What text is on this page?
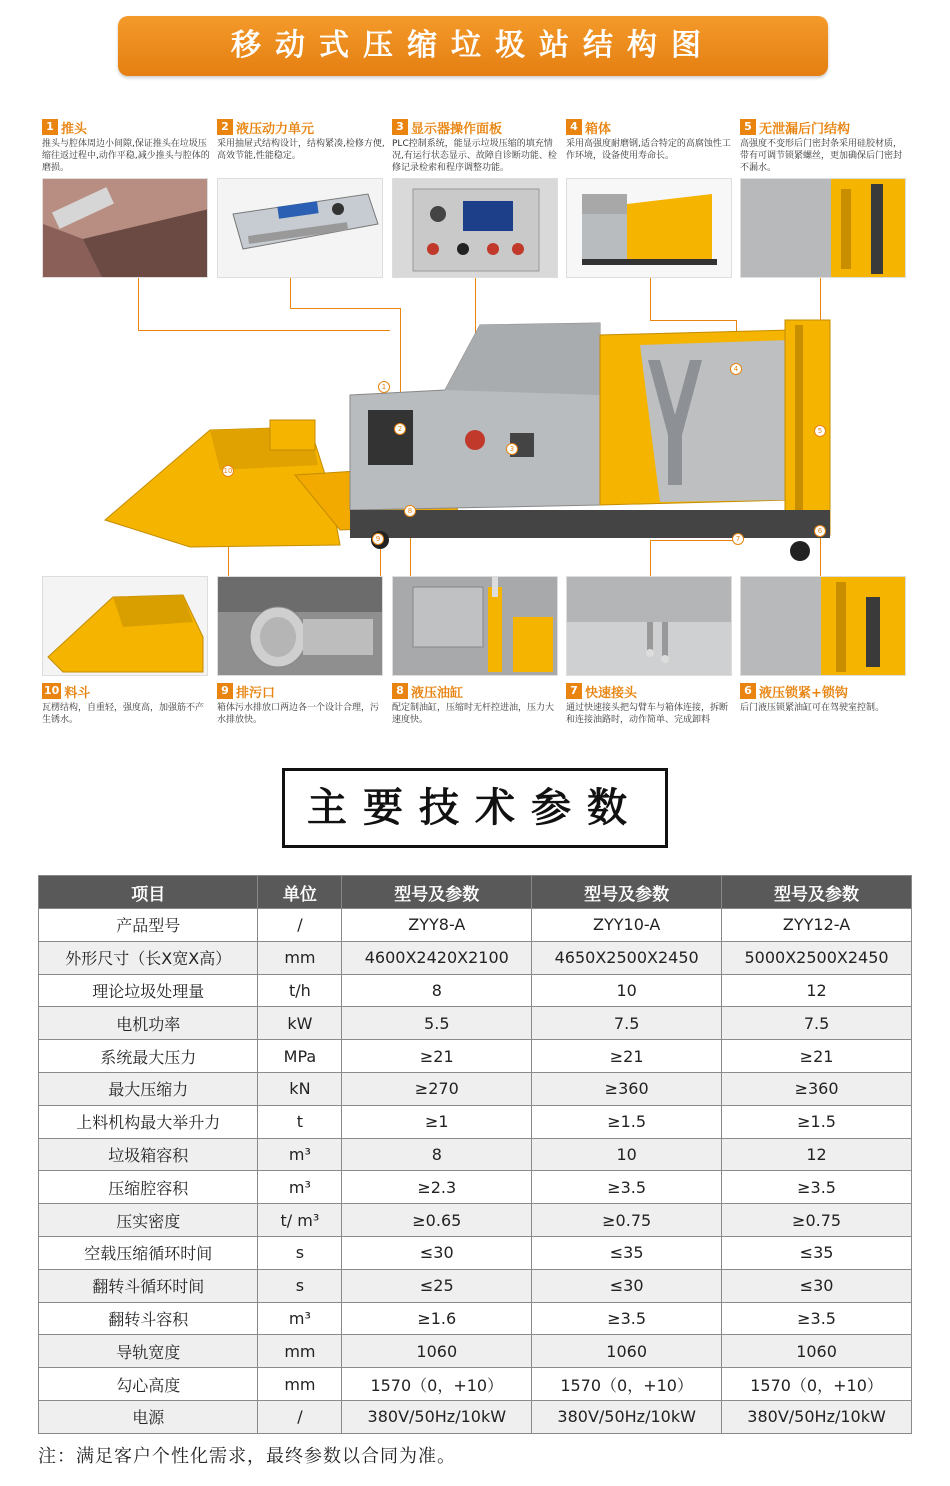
移动式压缩垃圾站结构图
1 推头
推头与腔体周边小间隙,保证推头在垃圾压缩往返过程中,动作平稳,减少推头与腔体的磨损。
2 液压动力单元
采用抽屉式结构设计，结构紧凑,检修方便,高效节能,性能稳定。
3 显示器操作面板
PLC控制系统，能显示垃圾压缩的填充情况,有运行状态显示、故障自诊断功能、检修记录检索和程序调整功能。
4 箱体
采用高强度耐磨钢,适合特定的高腐蚀性工作环境，设备使用寿命长。
5 无泄漏后门结构
高强度不变形后门密封条采用硅胶材质，带有可调节锁紧螺丝，更加确保后门密封不漏水。
1
2
3
4
5
6
7
8
9
10
10 料斗
瓦楞结构，自重轻，强度高，加强筋不产生锈水。
9 排污口
箱体污水排放口两边各一个设计合理，污水排放快。
8 液压油缸
配定制油缸，压缩时无杆控进油，压力大速度快。
7 快速接头
通过快速接头把勾臂车与箱体连接，拆断和连接油路时，动作简单、完成卸料
6 液压锁紧+锁钩
后门液压锁紧油缸可在驾驶室控制。
主要技术参数
项目	单位	型号及参数	型号及参数	型号及参数
产品型号	/	ZYY8-A	ZYY10-A	ZYY12-A
外形尺寸（长X宽X高）	mm	4600X2420X2100	4650X2500X2450	5000X2500X2450
理论垃圾处理量	t/h	8	10	12
电机功率	kW	5.5	7.5	7.5
系统最大压力	MPa	≥21	≥21	≥21
最大压缩力	kN	≥270	≥360	≥360
上料机构最大举升力	t	≥1	≥1.5	≥1.5
垃圾箱容积	m³	8	10	12
压缩腔容积	m³	≥2.3	≥3.5	≥3.5
压实密度	t/ m³	≥0.65	≥0.75	≥0.75
空载压缩循环时间	s	≤30	≤35	≤35
翻转斗循环时间	s	≤25	≤30	≤30
翻转斗容积	m³	≥1.6	≥3.5	≥3.5
导轨宽度	mm	1060	1060	1060
勾心高度	mm	1570（0，+10）	1570（0，+10）	1570（0，+10）
电源	/	380V/50Hz/10kW	380V/50Hz/10kW	380V/50Hz/10kW
注：满足客户个性化需求，最终参数以合同为准。
